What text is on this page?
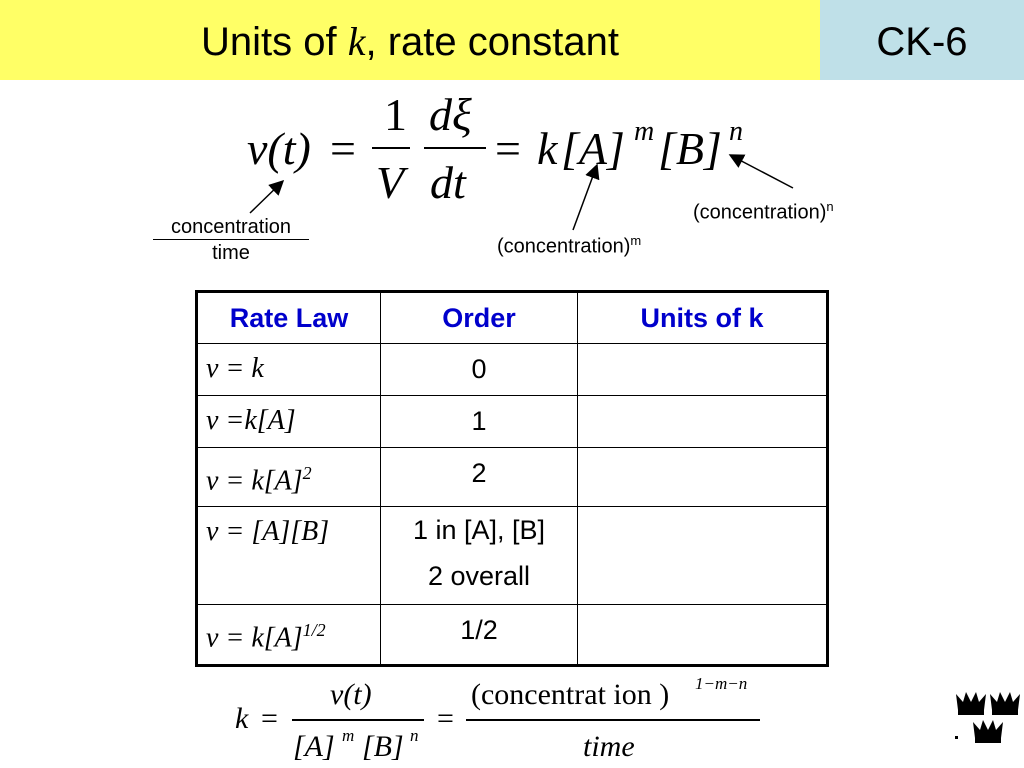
Units of k, rate constant	CK-6
v(t) =
1
V
dξ
dt
= k [A] m [B] n
concentration
time	(concentration)$^m$
(concentration)$^n$
Rate Law	Order	Units of k
v = k	0	
v =k[A]	1	
$v = k[A]^2$	2	
v = [A][B]	1 in [A], [B]
2 overall	

$v = k[A]^{1/2}$	1/2	
k =
v(t)
[A] m [B] n
=
(concentrat ion ) 1−m−n
time
